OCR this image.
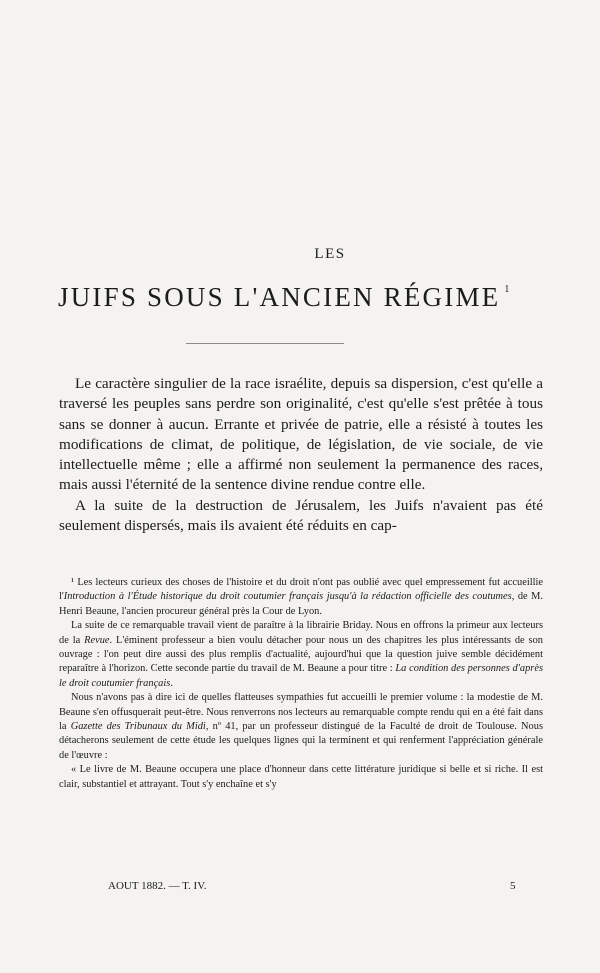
LES
JUIFS SOUS L'ANCIEN RÉGIME $^1$

Le caractère singulier de la race israélite, depuis sa dispersion, c'est qu'elle a traversé les peuples sans perdre son originalité, c'est qu'elle s'est prêtée à tous sans se donner à aucun. Errante et privée de patrie, elle a résisté à toutes les modifications de climat, de politique, de législation, de vie sociale, de vie intellectuelle même ; elle a affirmé non seulement la permanence des races, mais aussi l'éternité de la sentence divine rendue contre elle.

A la suite de la destruction de Jérusalem, les Juifs n'avaient pas été seulement dispersés, mais ils avaient été réduits en cap-

¹ Les lecteurs curieux des choses de l'histoire et du droit n'ont pas oublié avec quel empressement fut accueillie l'Introduction à l'Étude historique du droit coutumier français jusqu'à la rédaction officielle des coutumes, de M. Henri Beaune, l'ancien procureur général près la Cour de Lyon.

La suite de ce remarquable travail vient de paraître à la librairie Briday. Nous en offrons la primeur aux lecteurs de la Revue. L'éminent professeur a bien voulu détacher pour nous un des chapitres les plus intéressants de son ouvrage : l'on peut dire aussi des plus remplis d'actualité, aujourd'hui que la question juive semble décidément reparaître à l'horizon. Cette seconde partie du travail de M. Beaune a pour titre : La condition des personnes d'après le droit coutumier français.

Nous n'avons pas à dire ici de quelles flatteuses sympathies fut accueilli le premier volume : la modestie de M. Beaune s'en offusquerait peut-être. Nous renverrons nos lecteurs au remarquable compte rendu qui en a été fait dans la Gazette des Tribunaux du Midi, nº 41, par un professeur distingué de la Faculté de droit de Toulouse. Nous détacherons seulement de cette étude les quelques lignes qui la terminent et qui renferment l'appréciation générale de l'œuvre :

« Le livre de M. Beaune occupera une place d'honneur dans cette littérature juridique si belle et si riche. Il est clair, substantiel et attrayant. Tout s'y enchaîne et s'y

AOUT 1882. — T. IV.	5
